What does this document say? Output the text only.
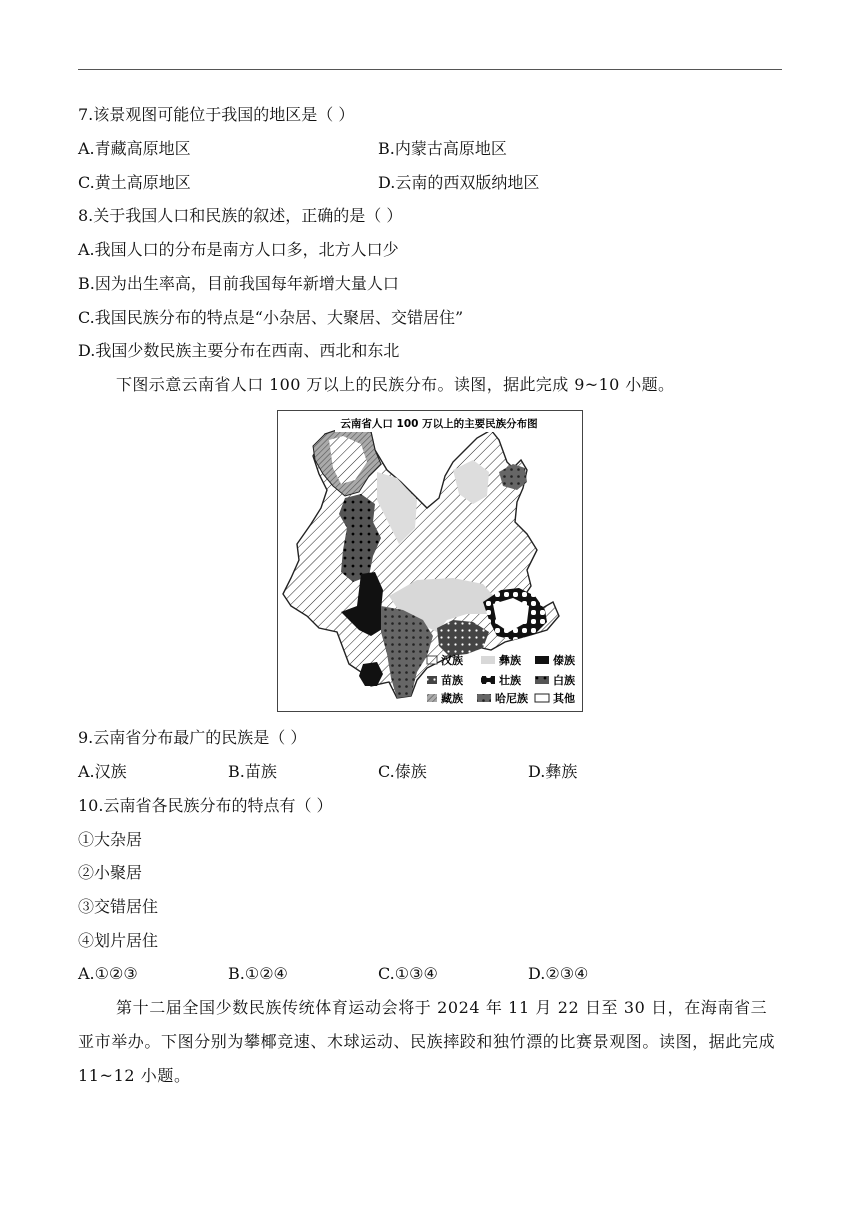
7.该景观图可能位于我国的地区是（ ）
A.青藏高原地区	B.内蒙古高原地区
C.黄土高原地区	D.云南的西双版纳地区
8.关于我国人口和民族的叙述，正确的是（ ）
A.我国人口的分布是南方人口多，北方人口少
B.因为出生率高，目前我国每年新增大量人口
C.我国民族分布的特点是“小杂居、大聚居、交错居住”
D.我国少数民族主要分布在西南、西北和东北
下图示意云南省人口 100 万以上的民族分布。读图，据此完成 9~10 小题。
云南省人口 100 万以上的主要民族分布图
汉族	彝族	傣族
苗族	壮族	白族
藏族	哈尼族 其他
9.云南省分布最广的民族是（ ）
A.汉族	B.苗族	C.傣族	D.彝族
10.云南省各民族分布的特点有（ ）
①大杂居
②小聚居
③交错居住
④划片居住
A.①②③	B.①②④	C.①③④	D.②③④
第十二届全国少数民族传统体育运动会将于 2024 年 11 月 22 日至 30 日，在海南省三亚市举办。下图分别为攀椰竞速、木球运动、民族摔跤和独竹漂的比赛景观图。读图，据此完成 11~12 小题。
